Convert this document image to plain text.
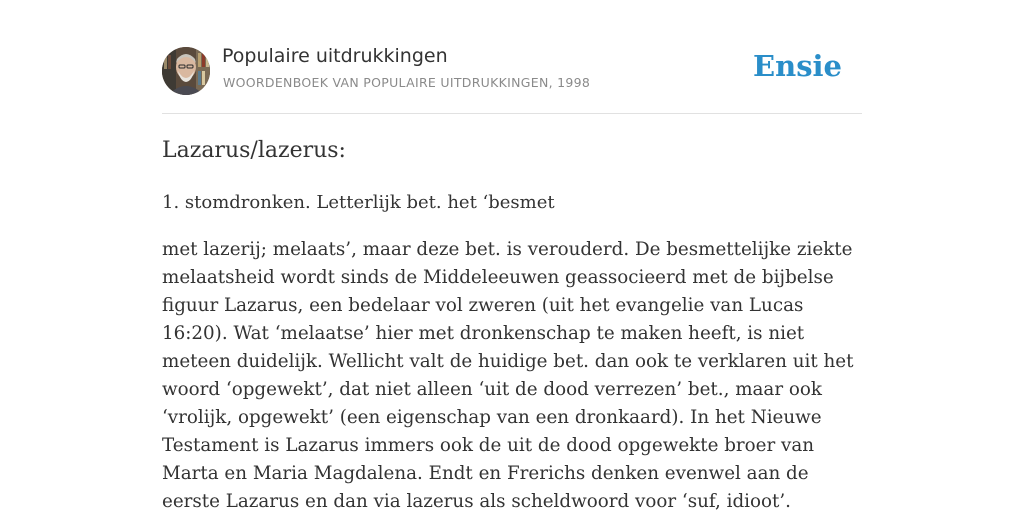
Populaire uitdrukkingen
WOORDENBOEK VAN POPULAIRE UITDRUKKINGEN, 1998	Ensie
Lazarus/lazerus:

1. stomdronken. Letterlijk bet. het ‘besmet

met lazerij; melaats’, maar deze bet. is verouderd. De besmettelijke ziekte melaatsheid wordt sinds de Middeleeuwen geassocieerd met de bijbelse figuur Lazarus, een bedelaar vol zweren (uit het evangelie van Lucas 16:20). Wat ‘melaatse’ hier met dronkenschap te maken heeft, is niet meteen duidelijk. Wellicht valt de huidige bet. dan ook te verklaren uit het woord ‘opgewekt’, dat niet alleen ‘uit de dood verrezen’ bet., maar ook ‘vrolijk, opgewekt’ (een eigenschap van een dronkaard). In het Nieuwe Testament is Lazarus immers ook de uit de dood opgewekte broer van Marta en Maria Magdalena. Endt en Frerichs denken evenwel aan de eerste Lazarus en dan via lazerus als scheldwoord voor ‘suf, idioot’.
